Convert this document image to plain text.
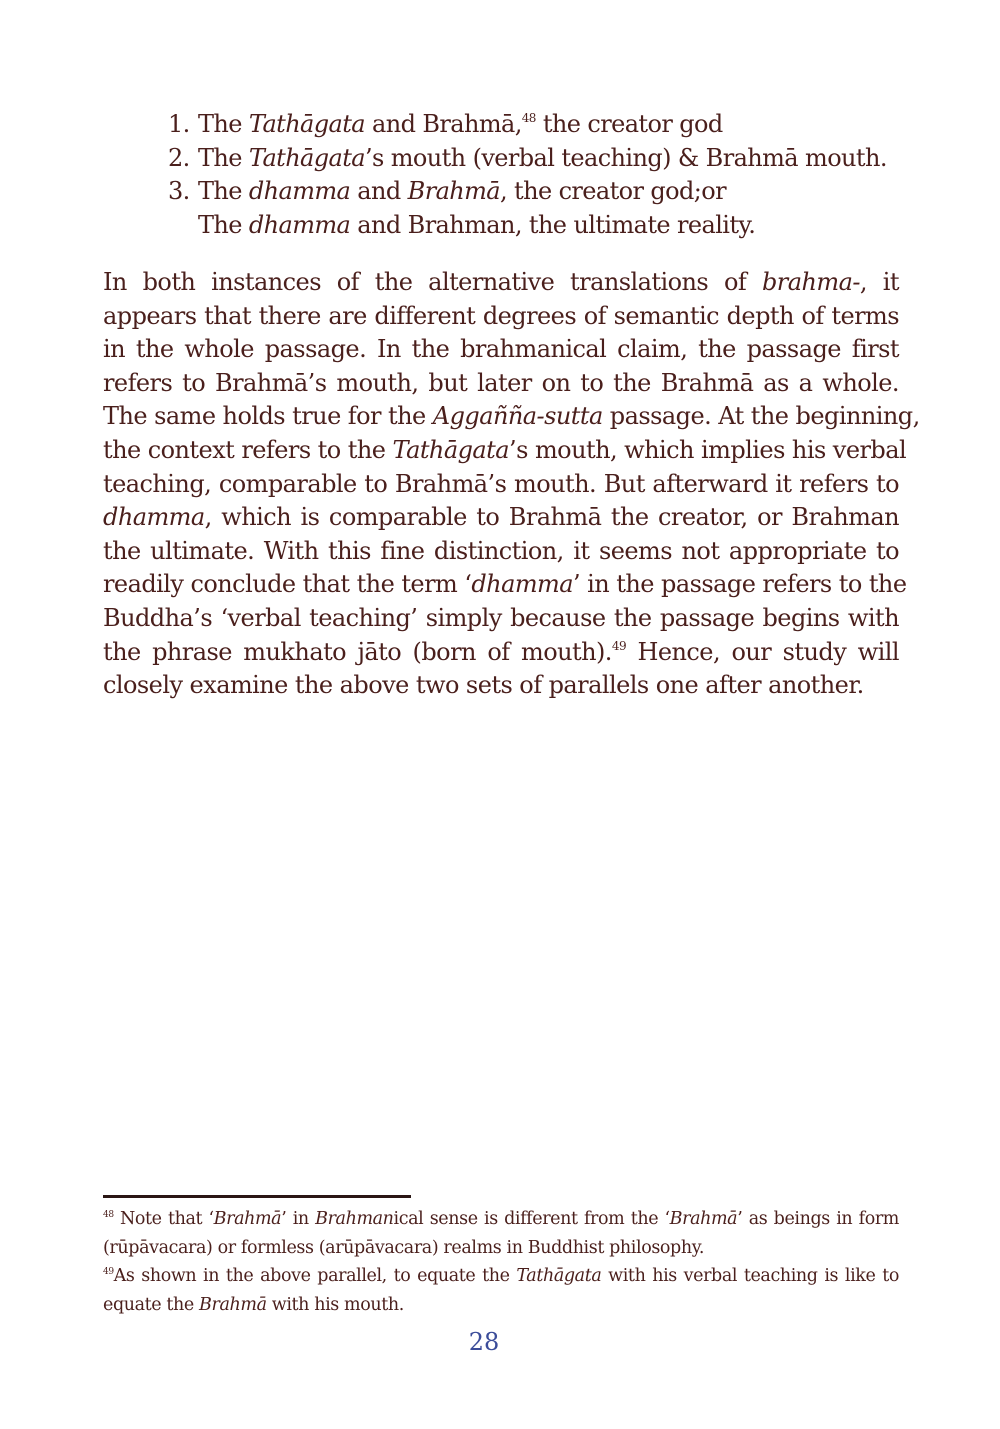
1. The Tathāgata and Brahmā,$^{48}$ the creator god
2. The Tathāgata’s mouth (verbal teaching) & Brahmā mouth.
3. The dhamma and Brahmā, the creator god;or
The dhamma and Brahman, the ultimate reality.
In both instances of the alternative translations of brahma-, it
appears that there are different degrees of semantic depth of terms
in the whole passage. In the brahmanical claim, the passage first
refers to Brahmā’s mouth, but later on to the Brahmā as a whole.
The same holds true for the Aggañña-sutta passage. At the beginning,
the context refers to the Tathāgata’s mouth, which implies his verbal
teaching, comparable to Brahmā’s mouth. But afterward it refers to
dhamma, which is comparable to Brahmā the creator, or Brahman
the ultimate. With this fine distinction, it seems not appropriate to
readily conclude that the term ‘dhamma’ in the passage refers to the
Buddha’s ‘verbal teaching’ simply because the passage begins with
the phrase mukhato jāto (born of mouth).$^{49}$ Hence, our study will
closely examine the above two sets of parallels one after another.
$^{48}$ Note that ‘Brahmā’ in Brahmanical sense is different from the ‘Brahmā’ as beings in form
(rūpāvacara) or formless (arūpāvacara) realms in Buddhist philosophy.
$^{49}$As shown in the above parallel, to equate the Tathāgata with his verbal teaching is like to
equate the Brahmā with his mouth.
28
